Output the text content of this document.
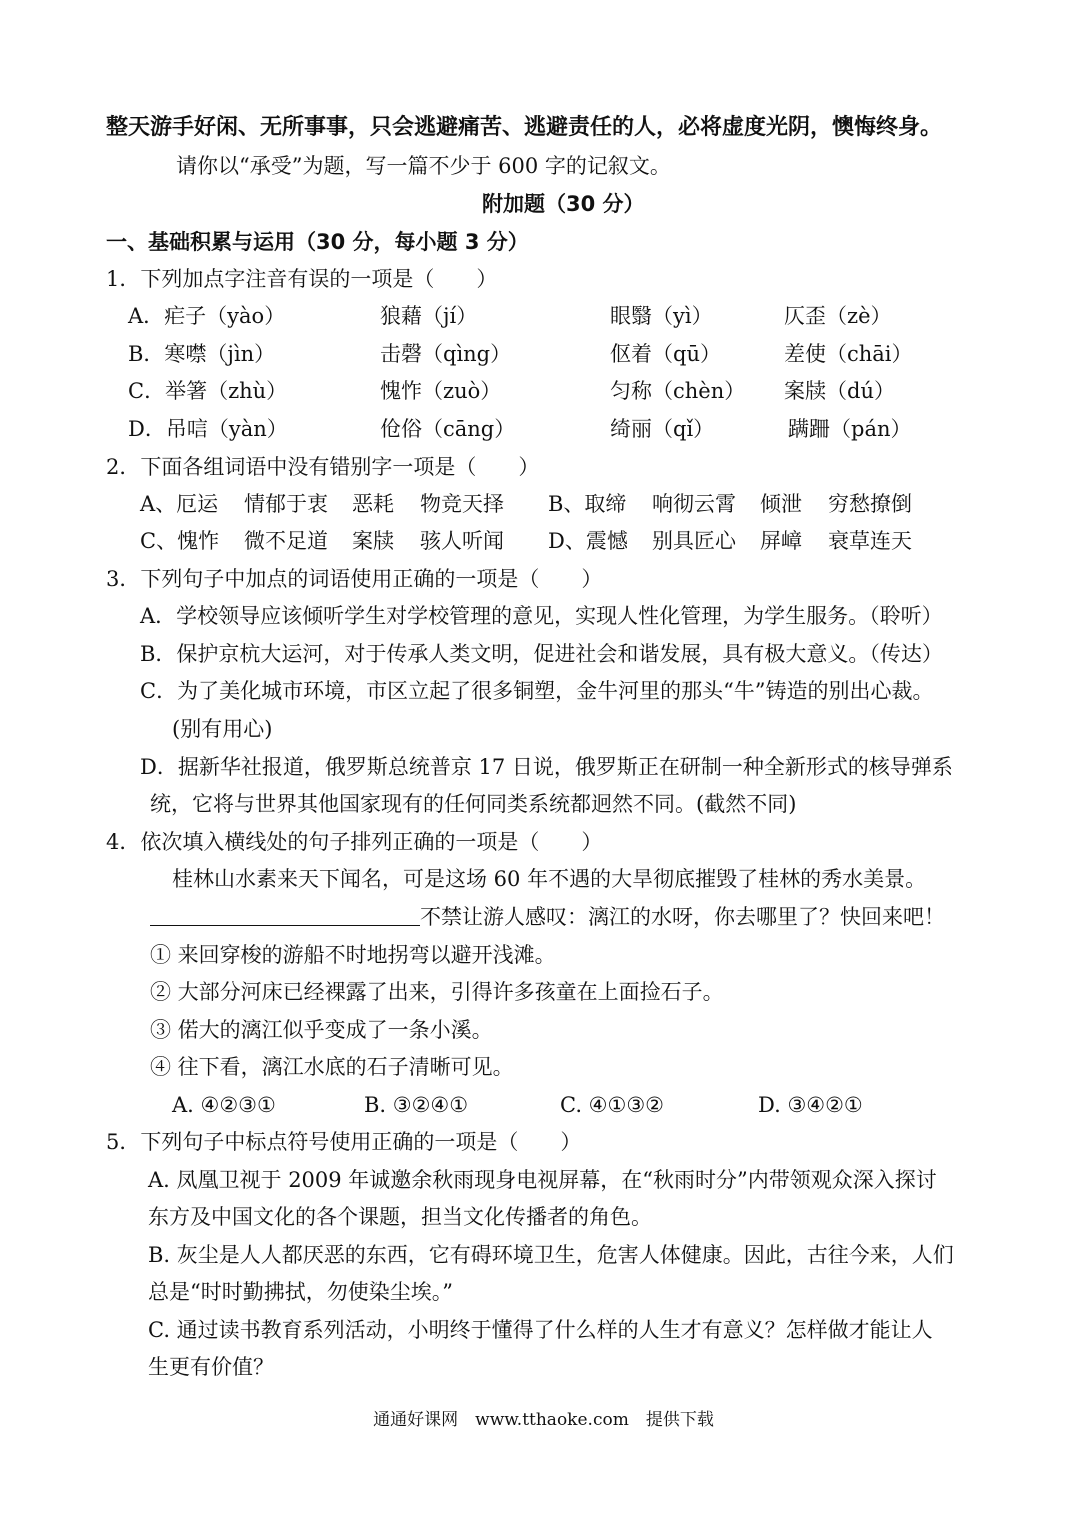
整天游手好闲、无所事事，只会逃避痛苦、逃避责任的人，必将虚度光阴，懊悔终身。
请你以“承受”为题，写一篇不少于 600 字的记叙文。
附加题（30 分）
一、基础积累与运用（30 分，每小题 3 分）
1．下列加点字注音有误的一项是（　　）
A．疟子（yào）	狼藉（jí）	眼翳（yì）	仄歪（zè）
B．寒噤（jìn）	击磬（qìng）	伛着（qū）	差使（chāi）
C．举箸（zhù）	愧怍（zuò）	匀称（chèn） 案牍（dú）
D．吊唁（yàn）	伧俗（cāng）	绮丽（qǐ）	蹒跚（pán）
2．下面各组词语中没有错别字一项是（　　）
A、厄运 情郁于衷 恶耗 物竞天择 B、取缔 响彻云霄 倾泄 穷愁撩倒
C、愧怍 微不足道 案牍 骇人听闻 D、震憾 别具匠心 屏嶂 衰草连天
3．下列句子中加点的词语使用正确的一项是（　　）
A．学校领导应该倾听学生对学校管理的意见，实现人性化管理，为学生服务。（聆听）
B．保护京杭大运河，对于传承人类文明，促进社会和谐发展，具有极大意义。（传达）
C．为了美化城市环境，市区立起了很多铜塑，金牛河里的那头“牛”铸造的别出心裁。
(别有用心)
D．据新华社报道，俄罗斯总统普京 17 日说，俄罗斯正在研制一种全新形式的核导弹系
统，它将与世界其他国家现有的任何同类系统都迥然不同。(截然不同)
4．依次填入横线处的句子排列正确的一项是（　　）
桂林山水素来天下闻名，可是这场 60 年不遇的大旱彻底摧毁了桂林的秀水美景。
不禁让游人感叹：漓江的水呀，你去哪里了？快回来吧！
① 来回穿梭的游船不时地拐弯以避开浅滩。
② 大部分河床已经裸露了出来，引得许多孩童在上面捡石子。
③ 偌大的漓江似乎变成了一条小溪。
④ 往下看，漓江水底的石子清晰可见。
A. ④②③①	B. ③②④①	C. ④①③②	D. ③④②①
5．下列句子中标点符号使用正确的一项是（　　）
A. 凤凰卫视于 2009 年诚邀余秋雨现身电视屏幕，在“秋雨时分”内带领观众深入探讨
东方及中国文化的各个课题，担当文化传播者的角色。
B. 灰尘是人人都厌恶的东西，它有碍环境卫生，危害人体健康。因此，古往今来，人们
总是“时时勤拂拭，勿使染尘埃。”
C. 通过读书教育系列活动，小明终于懂得了什么样的人生才有意义？怎样做才能让人
生更有价值？
通通好课网　www.tthaoke.com　提供下载
